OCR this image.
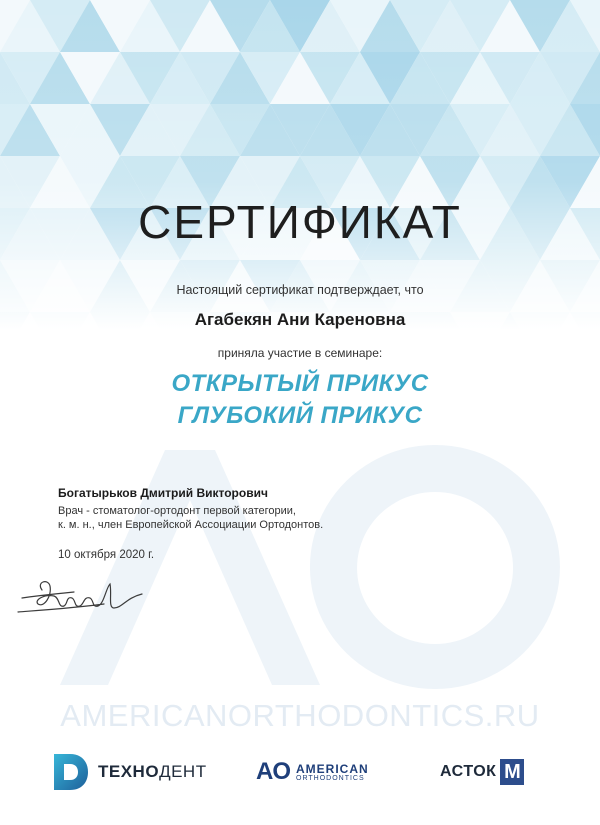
СЕРТИФИКАТ
Настоящий сертификат подтверждает, что
Агабекян Ани Кареновна
приняла участие в семинаре:
ОТКРЫТЫЙ ПРИКУС
ГЛУБОКИЙ ПРИКУС
Богатырьков Дмитрий Викторович
Врач - стоматолог-ортодонт первой категории,
к. м. н., член Европейской Ассоциации Ортодонтов.
10 октября 2020 г.
AMERICANORTHODONTICS.RU
ТЕХНОДЕНТ AO AMERICAN
ORTHODONTICS	АСТОК M
